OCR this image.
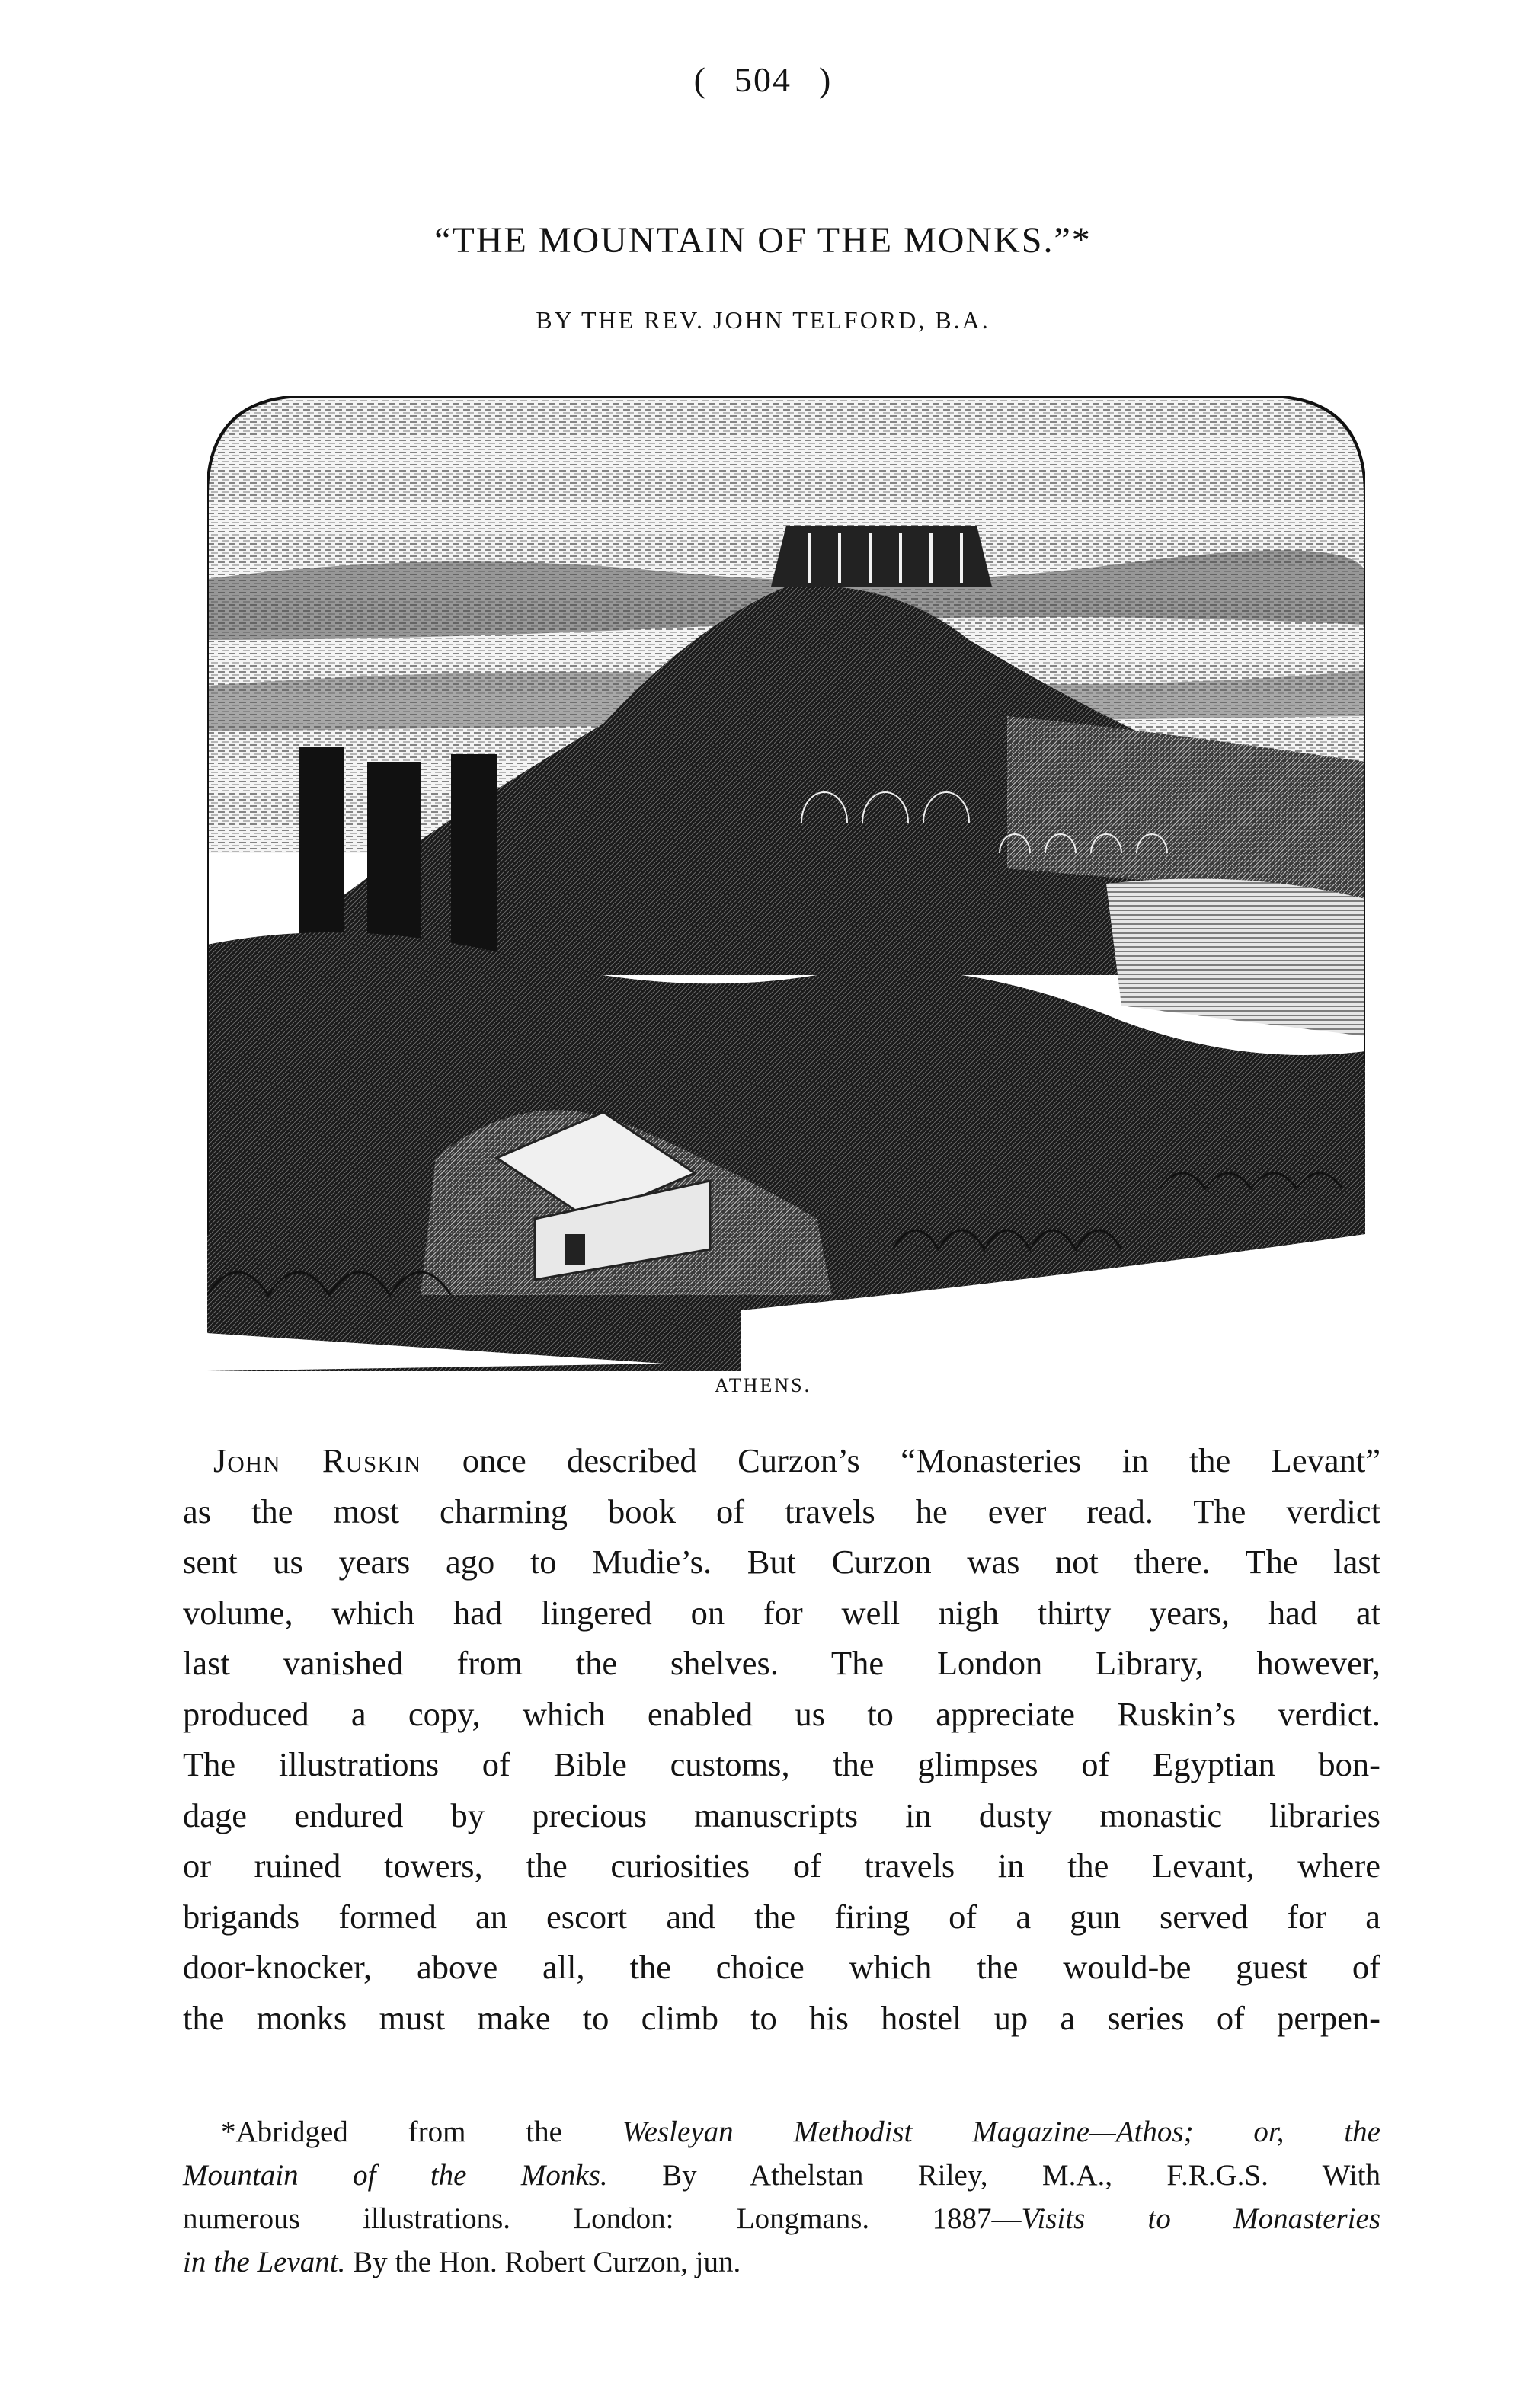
( 504 )
“THE MOUNTAIN OF THE MONKS.”*
BY THE REV. JOHN TELFORD, B.A.
ATHENS.

John Ruskin once described Curzon’s “Monasteries in the Levant”
as the most charming book of travels he ever read. The verdict
sent us years ago to Mudie’s. But Curzon was not there. The last
volume, which had lingered on for well nigh thirty years, had at
last vanished from the shelves. The London Library, however,
produced a copy, which enabled us to appreciate Ruskin’s verdict.
The illustrations of Bible customs, the glimpses of Egyptian bon-
dage endured by precious manuscripts in dusty monastic libraries
or ruined towers, the curiosities of travels in the Levant, where
brigands formed an escort and the firing of a gun served for a
door-knocker, above all, the choice which the would-be guest of
the monks must make to climb to his hostel up a series of perpen-

*Abridged from the Wesleyan Methodist Magazine—Athos; or, the
Mountain of the Monks. By Athelstan Riley, M.A., F.R.G.S. With
numerous illustrations. London: Longmans. 1887—Visits to Monasteries
in the Levant. By the Hon. Robert Curzon, jun.
